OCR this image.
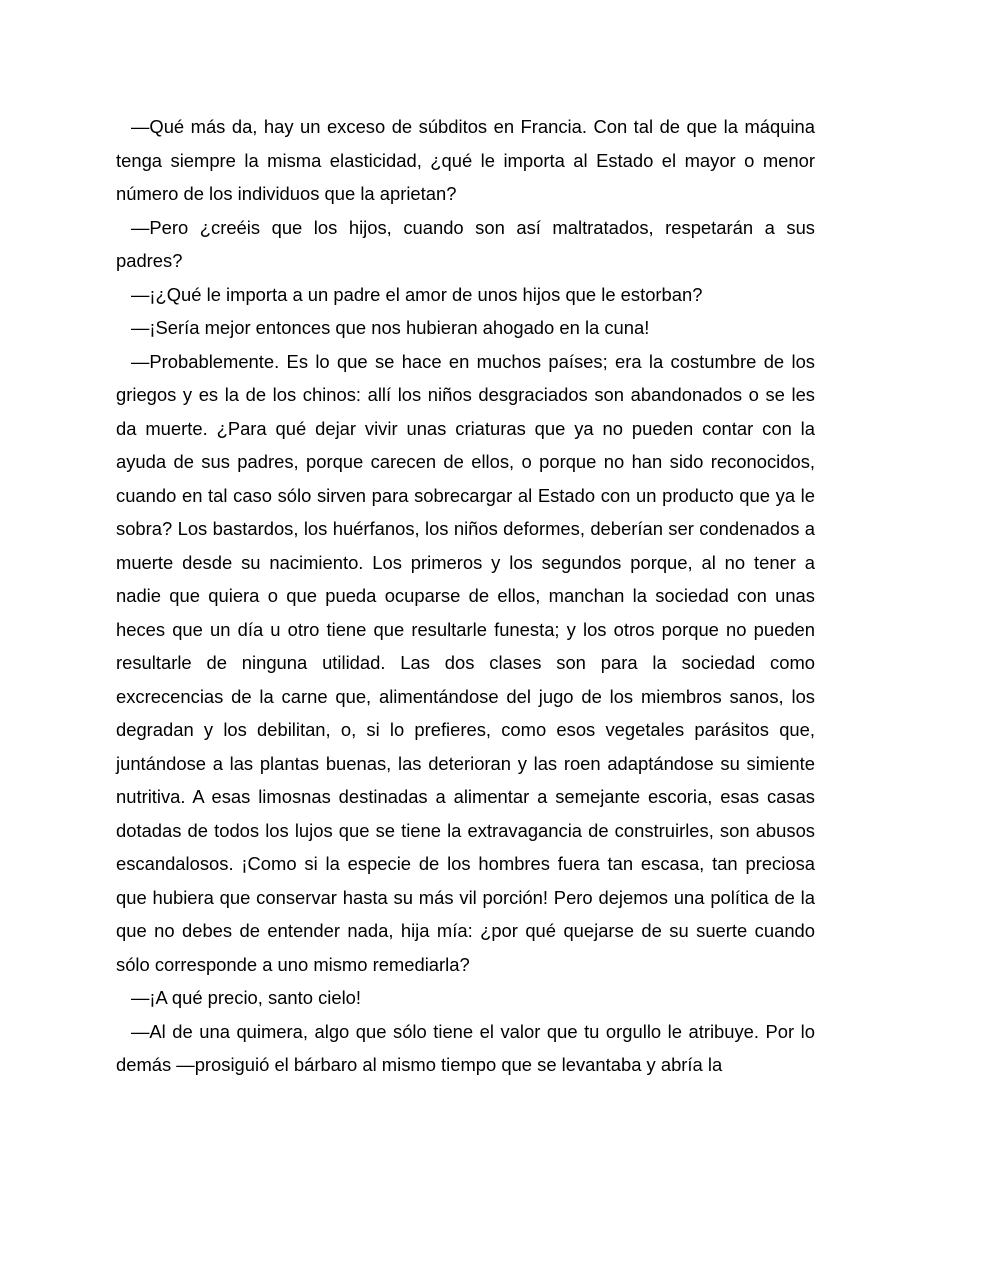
—Qué más da, hay un exceso de súbditos en Francia. Con tal de que la máquina tenga siempre la misma elasticidad, ¿qué le importa al Estado el mayor o menor número de los individuos que la aprietan?

—Pero ¿creéis que los hijos, cuando son así maltratados, respetarán a sus padres?

—¡¿Qué le importa a un padre el amor de unos hijos que le estorban?

—¡Sería mejor entonces que nos hubieran ahogado en la cuna!

—Probablemente. Es lo que se hace en muchos países; era la costumbre de los griegos y es la de los chinos: allí los niños desgraciados son abandonados o se les da muerte. ¿Para qué dejar vivir unas criaturas que ya no pueden contar con la ayuda de sus padres, porque carecen de ellos, o porque no han sido reconocidos, cuando en tal caso sólo sirven para sobrecargar al Estado con un producto que ya le sobra? Los bastardos, los huérfanos, los niños deformes, deberían ser condenados a muerte desde su nacimiento. Los primeros y los segundos porque, al no tener a nadie que quiera o que pueda ocuparse de ellos, manchan la sociedad con unas heces que un día u otro tiene que resultarle funesta; y los otros porque no pueden resultarle de ninguna utilidad. Las dos clases son para la sociedad como excrecencias de la carne que, alimentándose del jugo de los miembros sanos, los degradan y los debilitan, o, si lo prefieres, como esos vegetales parásitos que, juntándose a las plantas buenas, las deterioran y las roen adaptándose su simiente nutritiva. A esas limosnas destinadas a alimentar a semejante escoria, esas casas dotadas de todos los lujos que se tiene la extravagancia de construirles, son abusos escandalosos. ¡Como si la especie de los hombres fuera tan escasa, tan preciosa que hubiera que conservar hasta su más vil porción! Pero dejemos una política de la que no debes de entender nada, hija mía: ¿por qué quejarse de su suerte cuando sólo corresponde a uno mismo remediarla?

—¡A qué precio, santo cielo!

—Al de una quimera, algo que sólo tiene el valor que tu orgullo le atribuye. Por lo demás —prosiguió el bárbaro al mismo tiempo que se levantaba y abría la
